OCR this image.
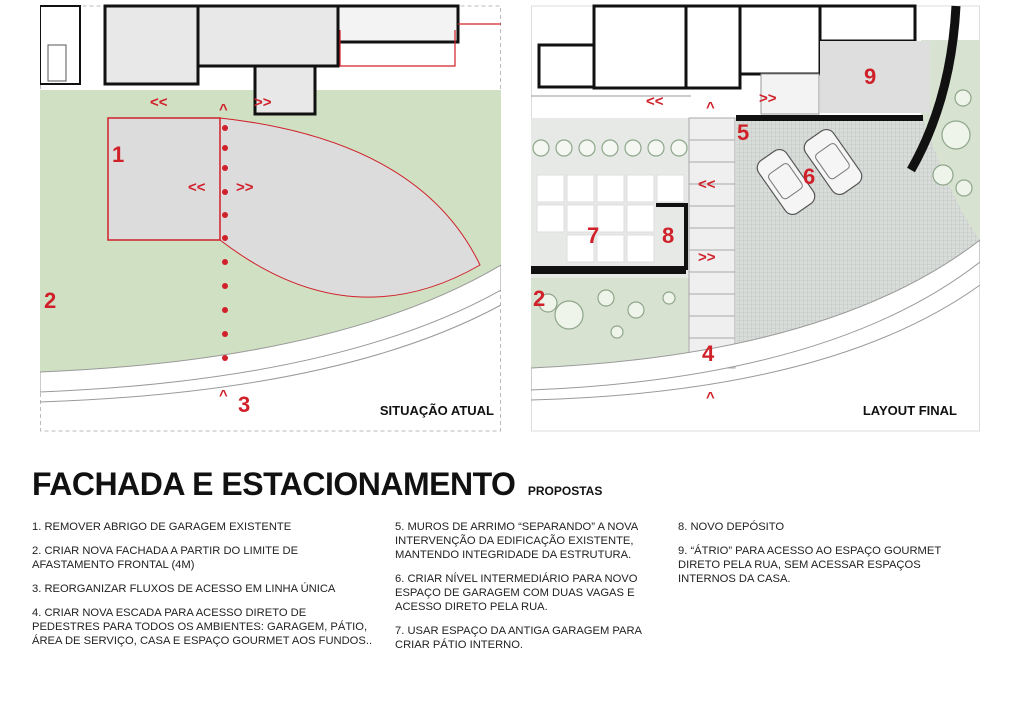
<<	>>
<< >>
^
^
1
2
3	SITUAÇÃO ATUAL
<<	>>
<<
>>
^
^
2
4
5
6
7	8
9
LAYOUT FINAL
FACHADA E ESTACIONAMENTO PROPOSTAS

1. REMOVER ABRIGO DE GARAGEM EXISTENTE

2. CRIAR NOVA FACHADA A PARTIR DO LIMITE DE AFASTAMENTO FRONTAL (4M)

3. REORGANIZAR FLUXOS DE ACESSO EM LINHA ÚNICA

4. CRIAR NOVA ESCADA PARA ACESSO DIRETO DE PEDESTRES PARA TODOS OS AMBIENTES: GARAGEM, PÁTIO, ÁREA DE SERVIÇO, CASA E ESPAÇO GOURMET AOS FUNDOS..

5. MUROS DE ARRIMO “SEPARANDO” A NOVA INTERVENÇÃO DA EDIFICAÇÃO EXISTENTE, MANTENDO INTEGRIDADE DA ESTRUTURA.

6. CRIAR NÍVEL INTERMEDIÁRIO PARA NOVO ESPAÇO DE GARAGEM COM DUAS VAGAS E ACESSO DIRETO PELA RUA.

7. USAR ESPAÇO DA ANTIGA GARAGEM PARA CRIAR PÁTIO INTERNO.

8. NOVO DEPÓSITO

9. “ÁTRIO” PARA ACESSO AO ESPAÇO GOURMET DIRETO PELA RUA, SEM ACESSAR ESPAÇOS INTERNOS DA CASA.
